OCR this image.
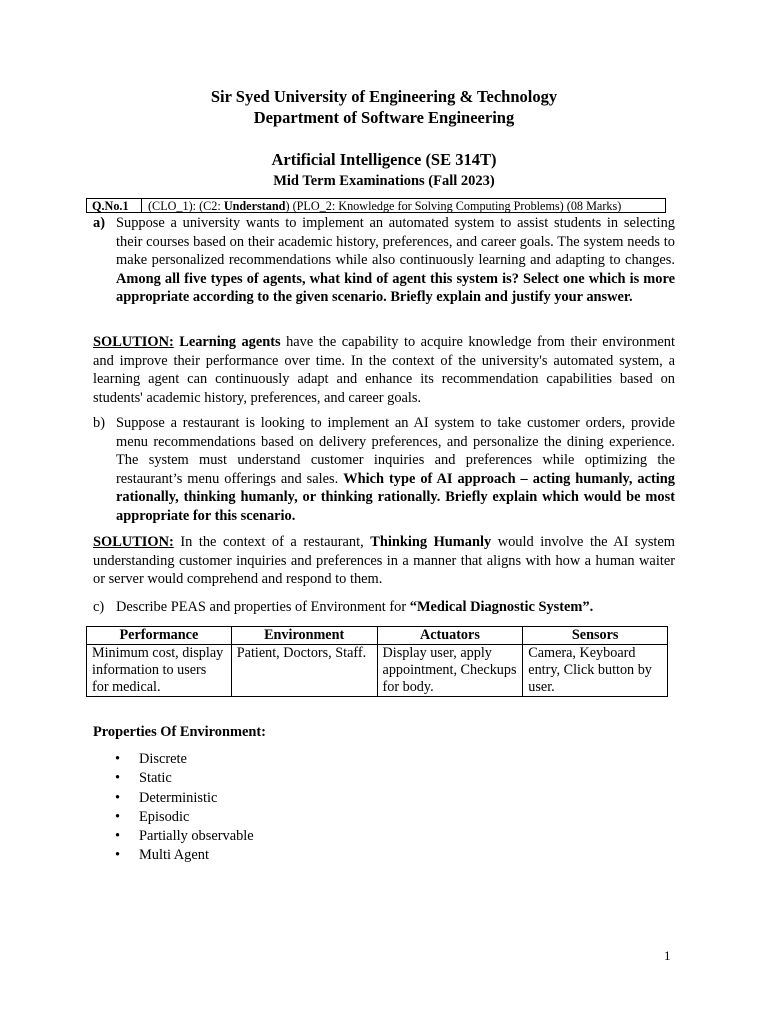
Sir Syed University of Engineering & Technology
Department of Software Engineering
Artificial Intelligence (SE 314T)
Mid Term Examinations (Fall 2023)
Q.No.1	(CLO_1): (C2: Understand) (PLO_2: Knowledge for Solving Computing Problems) (08 Marks)
a) Suppose a university wants to implement an automated system to assist students in selecting their courses based on their academic history, preferences, and career goals. The system needs to make personalized recommendations while also continuously learning and adapting to changes. Among all five types of agents, what kind of agent this system is? Select one which is more appropriate according to the given scenario. Briefly explain and justify your answer.
SOLUTION: Learning agents have the capability to acquire knowledge from their environment and improve their performance over time. In the context of the university's automated system, a learning agent can continuously adapt and enhance its recommendation capabilities based on students' academic history, preferences, and career goals.
b) Suppose a restaurant is looking to implement an AI system to take customer orders, provide menu recommendations based on delivery preferences, and personalize the dining experience. The system must understand customer inquiries and preferences while optimizing the restaurant’s menu offerings and sales. Which type of AI approach – acting humanly, acting rationally, thinking humanly, or thinking rationally. Briefly explain which would be most appropriate for this scenario.
SOLUTION: In the context of a restaurant, Thinking Humanly would involve the AI system understanding customer inquiries and preferences in a manner that aligns with how a human waiter or server would comprehend and respond to them.
c) Describe PEAS and properties of Environment for “Medical Diagnostic System”.
Performance	Environment	Actuators	Sensors
Minimum cost, display information to users for medical.	Patient, Doctors, Staff.	Display user, apply appointment, Checkups for body.	Camera, Keyboard entry, Click button by user.
Properties Of Environment:
• Discrete
• Static
• Deterministic
• Episodic
• Partially observable
• Multi Agent
1
